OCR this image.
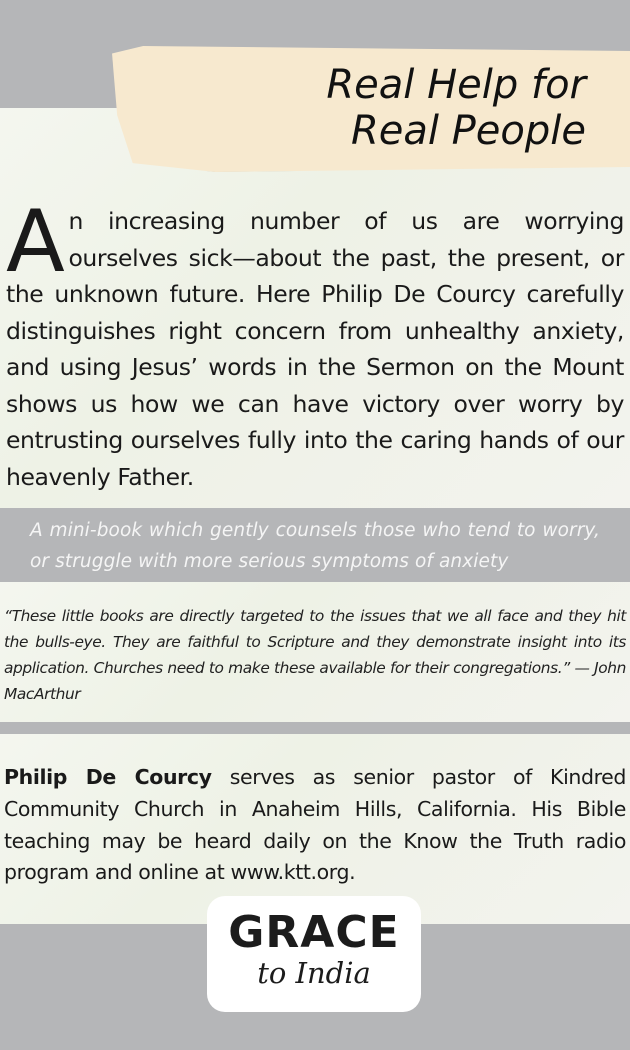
Real Help for
Real People

An increasing number of us are worrying ourselves sick—about the past, the present, or the unknown future. Here Philip De Courcy carefully distinguishes right concern from unhealthy anxiety, and using Jesus’ words in the Sermon on the Mount shows us how we can have victory over worry by entrusting ourselves fully into the caring hands of our heavenly Father.

A mini-book which gently counsels those who tend to worry, or struggle with more serious symptoms of anxiety

“These little books are directly targeted to the issues that we all face and they hit the bulls-eye. They are faithful to Scripture and they demonstrate insight into its application. Churches need to make these available for their congregations.” — John MacArthur

Philip De Courcy serves as senior pastor of Kindred Community Church in Anaheim Hills, California. His Bible teaching may be heard daily on the Know the Truth radio program and online at www.ktt.org.

GRACE
to India
